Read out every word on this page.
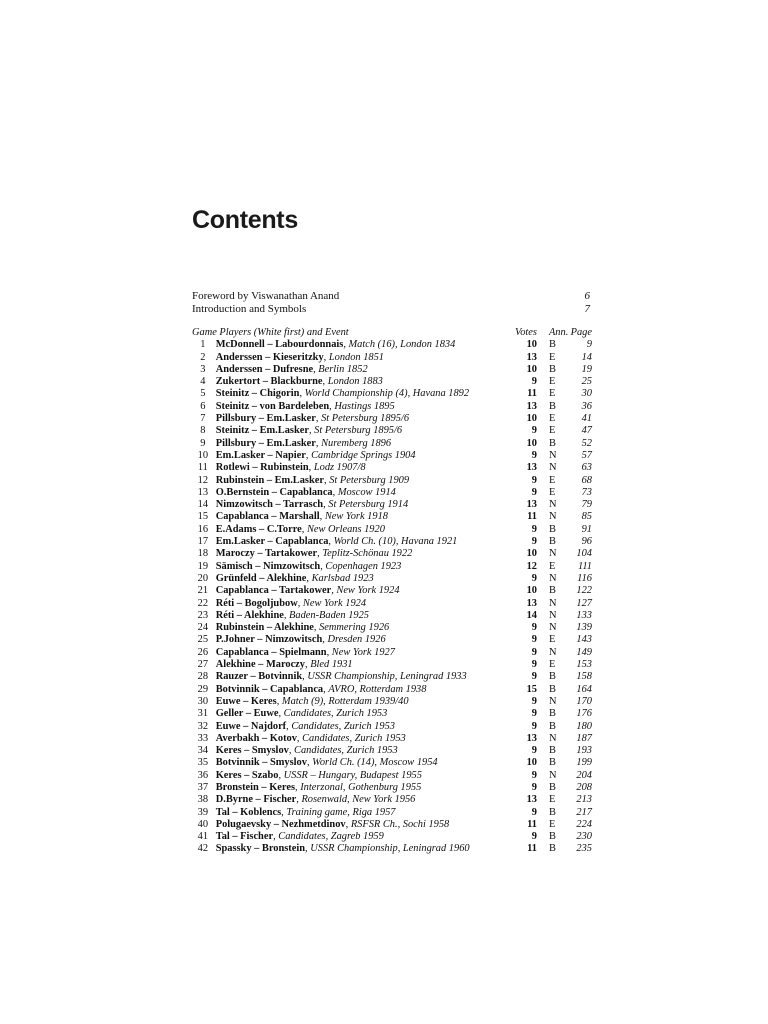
Contents
Foreword by Viswanathan Anand	6
Introduction and Symbols	7
Game Players (White first) and Event		Votes	Ann.	Page
1	McDonnell – Labourdonnais, Match (16), London 1834	10	B	9
2	Anderssen – Kieseritzky, London 1851	13	E	14
3	Anderssen – Dufresne, Berlin 1852	10	B	19
4	Zukertort – Blackburne, London 1883	9	E	25
5	Steinitz – Chigorin, World Championship (4), Havana 1892	11	E	30
6	Steinitz – von Bardeleben, Hastings 1895	13	B	36
7	Pillsbury – Em.Lasker, St Petersburg 1895/6	10	E	41
8	Steinitz – Em.Lasker, St Petersburg 1895/6	9	E	47
9	Pillsbury – Em.Lasker, Nuremberg 1896	10	B	52
10	Em.Lasker – Napier, Cambridge Springs 1904	9	N	57
11	Rotlewi – Rubinstein, Lodz 1907/8	13	N	63
12	Rubinstein – Em.Lasker, St Petersburg 1909	9	E	68
13	O.Bernstein – Capablanca, Moscow 1914	9	E	73
14	Nimzowitsch – Tarrasch, St Petersburg 1914	13	N	79
15	Capablanca – Marshall, New York 1918	11	N	85
16	E.Adams – C.Torre, New Orleans 1920	9	B	91
17	Em.Lasker – Capablanca, World Ch. (10), Havana 1921	9	B	96
18	Maroczy – Tartakower, Teplitz-Schönau 1922	10	N	104
19	Sämisch – Nimzowitsch, Copenhagen 1923	12	E	111
20	Grünfeld – Alekhine, Karlsbad 1923	9	N	116
21	Capablanca – Tartakower, New York 1924	10	B	122
22	Réti – Bogoljubow, New York 1924	13	N	127
23	Réti – Alekhine, Baden-Baden 1925	14	N	133
24	Rubinstein – Alekhine, Semmering 1926	9	N	139
25	P.Johner – Nimzowitsch, Dresden 1926	9	E	143
26	Capablanca – Spielmann, New York 1927	9	N	149
27	Alekhine – Maroczy, Bled 1931	9	E	153
28	Rauzer – Botvinnik, USSR Championship, Leningrad 1933	9	B	158
29	Botvinnik – Capablanca, AVRO, Rotterdam 1938	15	B	164
30	Euwe – Keres, Match (9), Rotterdam 1939/40	9	N	170
31	Geller – Euwe, Candidates, Zurich 1953	9	B	176
32	Euwe – Najdorf, Candidates, Zurich 1953	9	B	180
33	Averbakh – Kotov, Candidates, Zurich 1953	13	N	187
34	Keres – Smyslov, Candidates, Zurich 1953	9	B	193
35	Botvinnik – Smyslov, World Ch. (14), Moscow 1954	10	B	199
36	Keres – Szabo, USSR – Hungary, Budapest 1955	9	N	204
37	Bronstein – Keres, Interzonal, Gothenburg 1955	9	B	208
38	D.Byrne – Fischer, Rosenwald, New York 1956	13	E	213
39	Tal – Koblencs, Training game, Riga 1957	9	B	217
40	Polugaevsky – Nezhmetdinov, RSFSR Ch., Sochi 1958	11	E	224
41	Tal – Fischer, Candidates, Zagreb 1959	9	B	230
42	Spassky – Bronstein, USSR Championship, Leningrad 1960	11	B	235
